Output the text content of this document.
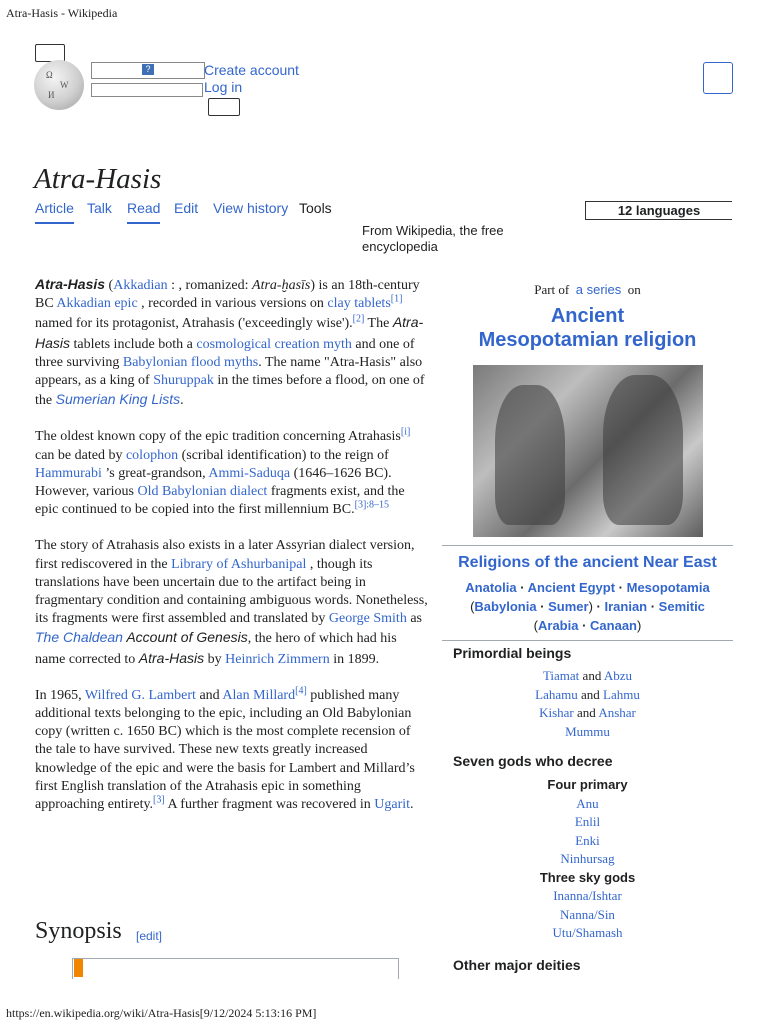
Atra-Hasis - Wikipedia
Ω
W
И
?	Create account
Log in
Atra-Hasis
Article Talk Read Edit View history Tools	12 languages
From Wikipedia, the free encyclopedia

Atra-Hasis (Akkadian : , romanized: Atra-ḫasīs) is an 18th-century BC Akkadian epic , recorded in various versions on clay tablets[1] named for its protagonist, Atrahasis ('exceedingly wise').[2] The Atra-Hasis tablets include both a cosmological creation myth and one of three surviving Babylonian flood myths. The name "Atra-Hasis" also appears, as a king of Shuruppak in the times before a flood, on one of the Sumerian King Lists.

The oldest known copy of the epic tradition concerning Atrahasis[i] can be dated by colophon (scribal identification) to the reign of Hammurabi ’s great-grandson, Ammi-Saduqa (1646–1626 BC). However, various Old Babylonian dialect fragments exist, and the epic continued to be copied into the first millennium BC.$^{[3]:8-15}$

The story of Atrahasis also exists in a later Assyrian dialect version, first rediscovered in the Library of Ashurbanipal , though its translations have been uncertain due to the artifact being in fragmentary condition and containing ambiguous words. Nonetheless, its fragments were first assembled and translated by George Smith as The Chaldean Account of Genesis, the hero of which had his name corrected to Atra-Hasis by Heinrich Zimmern in 1899.

In 1965, Wilfred G. Lambert and Alan Millard[4] published many additional texts belonging to the epic, including an Old Babylonian copy (written c. 1650 BC) which is the most complete recension of the tale to have survived. These new texts greatly increased knowledge of the epic and were the basis for Lambert and Millard’s first English translation of the Atrahasis epic in something approaching entirety.[3] A further fragment was recovered in Ugarit.

Synopsis [edit]
Part of a series on
Ancient
Mesopotamian religion
Religions of the ancient Near East
Anatolia · Ancient Egypt · Mesopotamia
(Babylonia · Sumer) · Iranian · Semitic
(Arabia · Canaan)
Primordial beings
Tiamat and Abzu
Lahamu and Lahmu
Kishar and Anshar
Mummu
Seven gods who decree
Four primary
Anu
Enlil
Enki
Ninhursag
Three sky gods
Inanna/Ishtar
Nanna/Sin
Utu/Shamash
Other major deities
https://en.wikipedia.org/wiki/Atra-Hasis[9/12/2024 5:13:16 PM]
